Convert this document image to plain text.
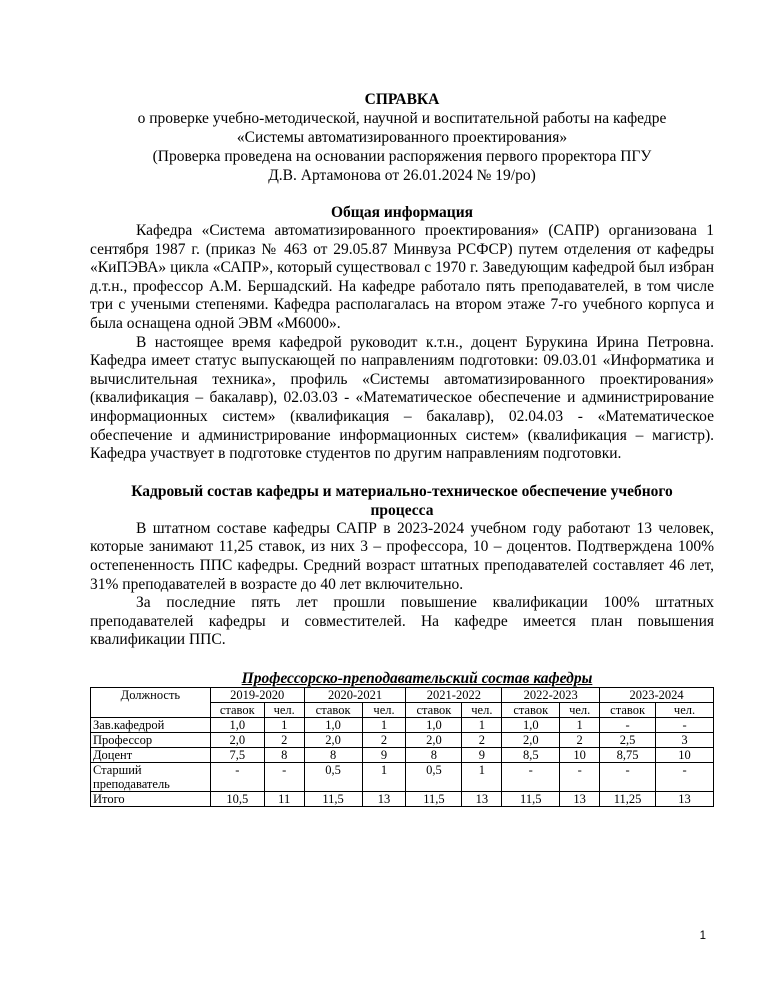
СПРАВКА
о проверке учебно-методической, научной и воспитательной работы на кафедре
«Системы автоматизированного проектирования»
(Проверка проведена на основании распоряжения первого проректора ПГУ
Д.В. Артамонова от 26.01.2024 № 19/ро)
Общая информация

Кафедра «Система автоматизированного проектирования» (САПР) организована 1 сентября 1987 г. (приказ № 463 от 29.05.87 Минвуза РСФСР) путем отделения от кафедры «КиПЭВА» цикла «САПР», который существовал с 1970 г. Заведующим кафедрой был избран д.т.н., профессор А.М. Бершадский. На кафедре работало пять преподавателей, в том числе три с учеными степенями. Кафедра располагалась на втором этаже 7-го учебного корпуса и была оснащена одной ЭВМ «М6000».

В настоящее время кафедрой руководит к.т.н., доцент Бурукина Ирина Петровна. Кафедра имеет статус выпускающей по направлениям подготовки: 09.03.01 «Информатика и вычислительная техника», профиль «Системы автоматизированного проектирования» (квалификация – бакалавр), 02.03.03 - «Математическое обеспечение и администрирование информационных систем» (квалификация – бакалавр), 02.04.03 - «Математическое обеспечение и администрирование информационных систем» (квалификация – магистр). Кафедра участвует в подготовке студентов по другим направлениям подготовки.

Кадровый состав кафедры и материально-техническое обеспечение учебного
процесса

В штатном составе кафедры САПР в 2023-2024 учебном году работают 13 человек, которые занимают 11,25 ставок, из них 3 – профессора, 10 – доцентов. Подтверждена 100% остепененность ППС кафедры. Средний возраст штатных преподавателей составляет 46 лет, 31% преподавателей в возрасте до 40 лет включительно.

За последние пять лет прошли повышение квалификации 100% штатных преподавателей кафедры и совместителей. На кафедре имеется план повышения квалификации ППС.

Профессорско-преподавательский состав кафедры
Должность	2019-2020		2020-2021		2021-2022		2022-2023		2023-2024	
	ставок	чел.	ставок	чел.	ставок	чел.	ставок	чел.	ставок	чел.
Зав.кафедрой	1,0	1	1,0	1	1,0	1	1,0	1	-	-
Профессор	2,0	2	2,0	2	2,0	2	2,0	2	2,5	3
Доцент	7,5	8	8	9	8	9	8,5	10	8,75	10
Старший преподаватель	-	-	0,5	1	0,5	1	-	-	-	-
Итого	10,5	11	11,5	13	11,5	13	11,5	13	11,25	13
1
